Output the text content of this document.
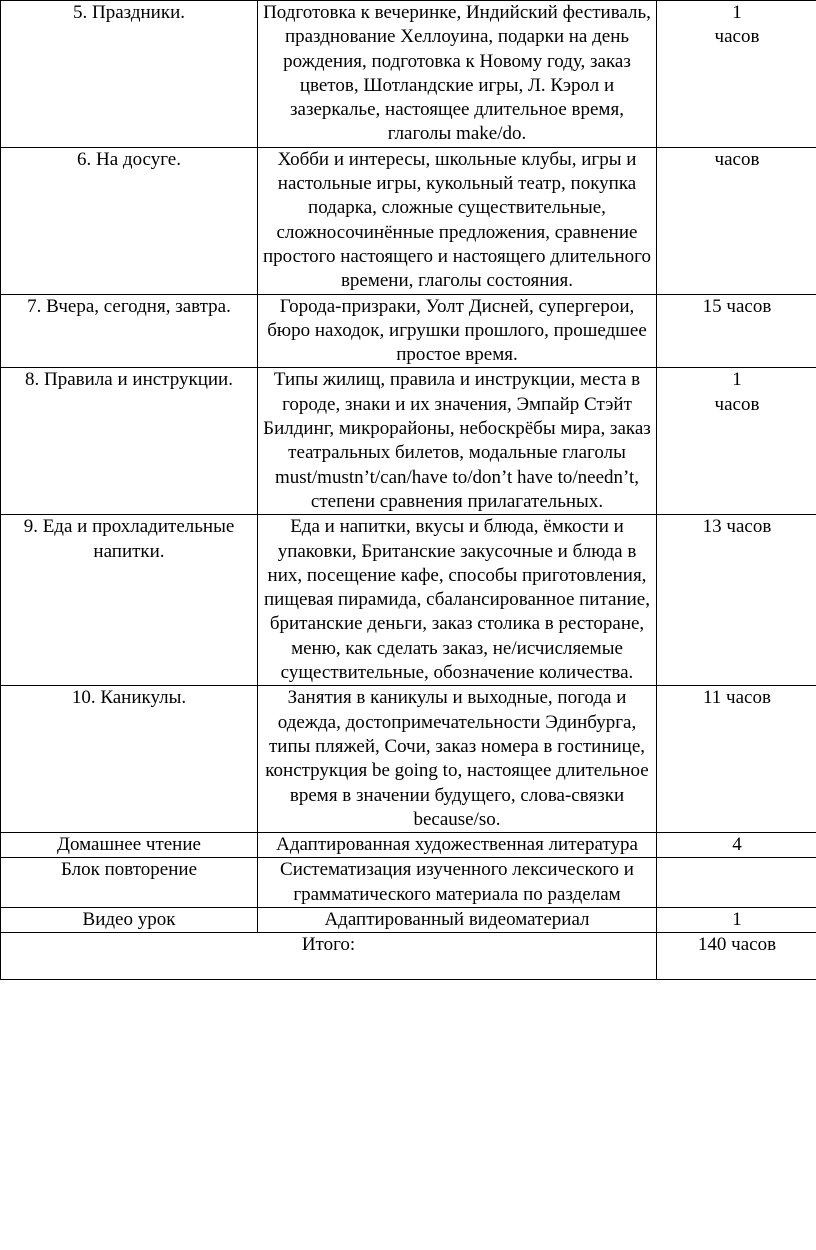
5. Праздники.	Подготовка к вечеринке, Индийский фестиваль, празднование Хеллоуина, подарки на день рождения, подготовка к Новому году, заказ цветов, Шотландские игры, Л. Кэрол и зазеркалье, настоящее длительное время, глаголы make/do.	1
часов

6. На досуге.	Хобби и интересы, школьные клубы, игры и настольные игры, кукольный театр, покупка подарка, сложные существительные, сложносочинённые предложения, сравнение простого настоящего и настоящего длительного времени, глаголы состояния.	часов

7. Вчера, сегодня, завтра.	Города-призраки, Уолт Дисней, супергерои, бюро находок, игрушки прошлого, прошедшее простое время.	15 часов

8. Правила и инструкции.	Типы жилищ, правила и инструкции, места в городе, знаки и их значения, Эмпайр Стэйт Билдинг, микрорайоны, небоскрёбы мира, заказ театральных билетов, модальные глаголы must/mustn’t/can/have to/don’t have to/needn’t, степени сравнения прилагательных.	1
часов

9. Еда и прохладительные напитки.	Еда и напитки, вкусы и блюда, ёмкости и упаковки, Британские закусочные и блюда в них, посещение кафе, способы приготовления, пищевая пирамида, сбалансированное питание, британские деньги, заказ столика в ресторане, меню, как сделать заказ, не/исчисляемые существительные, обозначение количества.	13 часов

10. Каникулы.	Занятия в каникулы и выходные, погода и одежда, достопримечательности Эдинбурга, типы пляжей, Сочи, заказ номера в гостинице, конструкция be going to, настоящее длительное время в значении будущего, слова-связки because/so.	11 часов

Домашнее чтение	Адаптированная художественная литература	4

Блок повторение	Систематизация изученного лексического и грамматического материала по разделам	

Видео урок	Адаптированный видеоматериал	1

Итого:		140 часов
